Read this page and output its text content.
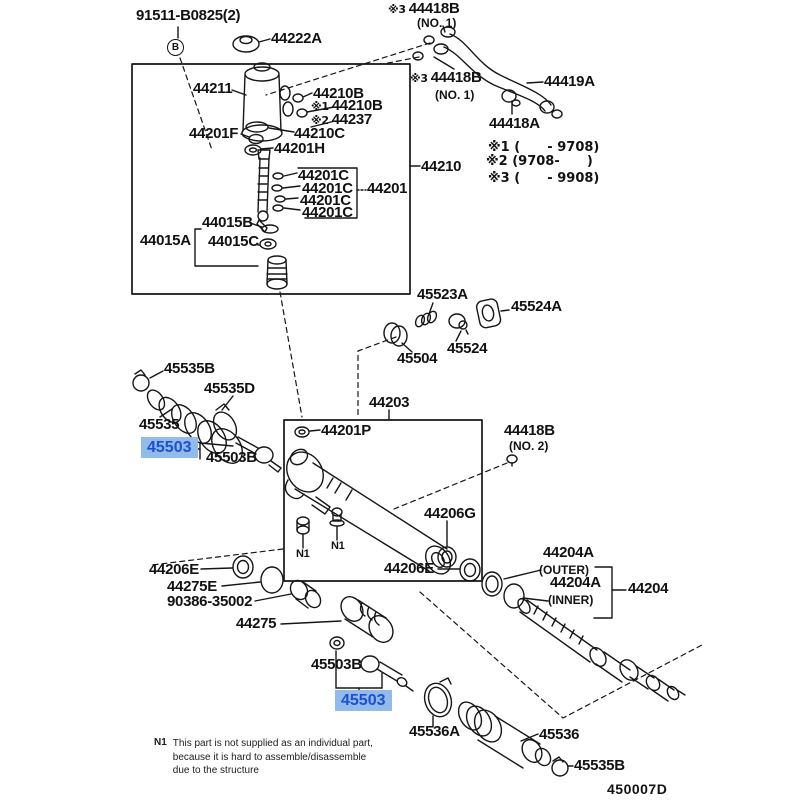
91511-B0825(2)
B
44222A
44211	44210B
※1 44210B
※2 44237
44201F	44210C
44201H
44201C
44201C
44201C
44201C
44201
44015B
44015A 44015C
44210
※3 44418B
(NO. 1)
※3 44418B
(NO. 1)
44419A
44418A
※1 (      - 9708)
※2 (9708-      )
※3 (      - 9908)
45523A
45524A
45504
45524
45535B
45535D
45535
45503
45503B
44203
44201P	44418B
(NO. 2)
44206G
N1
N1
44206E
44206E
44275E
90386-35002
44275
45503B
45503
45536A
44204A
(OUTER)
44204A
(INNER)
44204
45536
45535B
N1 This part is not supplied as an individual part,
because it is hard to assemble/disassemble
due to the structure
450007D
